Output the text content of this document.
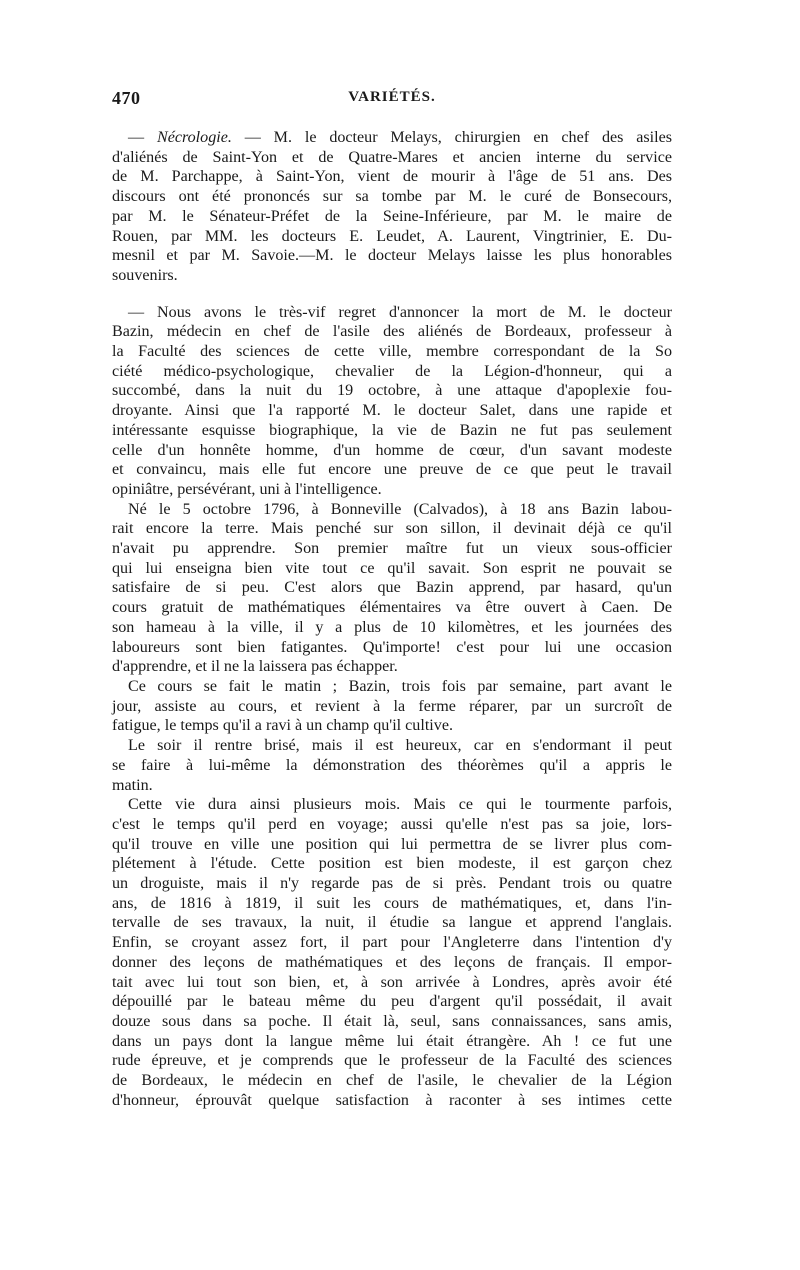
470	VARIÉTÉS.
— Nécrologie. — M. le docteur Melays, chirurgien en chef des asiles
d'aliénés de Saint-Yon et de Quatre-Mares et ancien interne du service
de M. Parchappe, à Saint-Yon, vient de mourir à l'âge de 51 ans. Des
discours ont été prononcés sur sa tombe par M. le curé de Bonsecours,
par M. le Sénateur-Préfet de la Seine-Inférieure, par M. le maire de
Rouen, par MM. les docteurs E. Leudet, A. Laurent, Vingtrinier, E. Du-
mesnil et par M. Savoie.—M. le docteur Melays laisse les plus honorables
souvenirs.
— Nous avons le très-vif regret d'annoncer la mort de M. le docteur
Bazin, médecin en chef de l'asile des aliénés de Bordeaux, professeur à
la Faculté des sciences de cette ville, membre correspondant de la So
ciété médico-psychologique, chevalier de la Légion-d'honneur, qui a
succombé, dans la nuit du 19 octobre, à une attaque d'apoplexie fou-
droyante. Ainsi que l'a rapporté M. le docteur Salet, dans une rapide et
intéressante esquisse biographique, la vie de Bazin ne fut pas seulement
celle d'un honnête homme, d'un homme de cœur, d'un savant modeste
et convaincu, mais elle fut encore une preuve de ce que peut le travail
opiniâtre, persévérant, uni à l'intelligence.
Né le 5 octobre 1796, à Bonneville (Calvados), à 18 ans Bazin labou-
rait encore la terre. Mais penché sur son sillon, il devinait déjà ce qu'il
n'avait pu apprendre. Son premier maître fut un vieux sous-officier
qui lui enseigna bien vite tout ce qu'il savait. Son esprit ne pouvait se
satisfaire de si peu. C'est alors que Bazin apprend, par hasard, qu'un
cours gratuit de mathématiques élémentaires va être ouvert à Caen. De
son hameau à la ville, il y a plus de 10 kilomètres, et les journées des
laboureurs sont bien fatigantes. Qu'importe! c'est pour lui une occasion
d'apprendre, et il ne la laissera pas échapper.
Ce cours se fait le matin ; Bazin, trois fois par semaine, part avant le
jour, assiste au cours, et revient à la ferme réparer, par un surcroît de
fatigue, le temps qu'il a ravi à un champ qu'il cultive.
Le soir il rentre brisé, mais il est heureux, car en s'endormant il peut
se faire à lui-même la démonstration des théorèmes qu'il a appris le
matin.
Cette vie dura ainsi plusieurs mois. Mais ce qui le tourmente parfois,
c'est le temps qu'il perd en voyage; aussi qu'elle n'est pas sa joie, lors-
qu'il trouve en ville une position qui lui permettra de se livrer plus com-
plétement à l'étude. Cette position est bien modeste, il est garçon chez
un droguiste, mais il n'y regarde pas de si près. Pendant trois ou quatre
ans, de 1816 à 1819, il suit les cours de mathématiques, et, dans l'in-
tervalle de ses travaux, la nuit, il étudie sa langue et apprend l'anglais.
Enfin, se croyant assez fort, il part pour l'Angleterre dans l'intention d'y
donner des leçons de mathématiques et des leçons de français. Il empor-
tait avec lui tout son bien, et, à son arrivée à Londres, après avoir été
dépouillé par le bateau même du peu d'argent qu'il possédait, il avait
douze sous dans sa poche. Il était là, seul, sans connaissances, sans amis,
dans un pays dont la langue même lui était étrangère. Ah ! ce fut une
rude épreuve, et je comprends que le professeur de la Faculté des sciences
de Bordeaux, le médecin en chef de l'asile, le chevalier de la Légion
d'honneur, éprouvât quelque satisfaction à raconter à ses intimes cette
